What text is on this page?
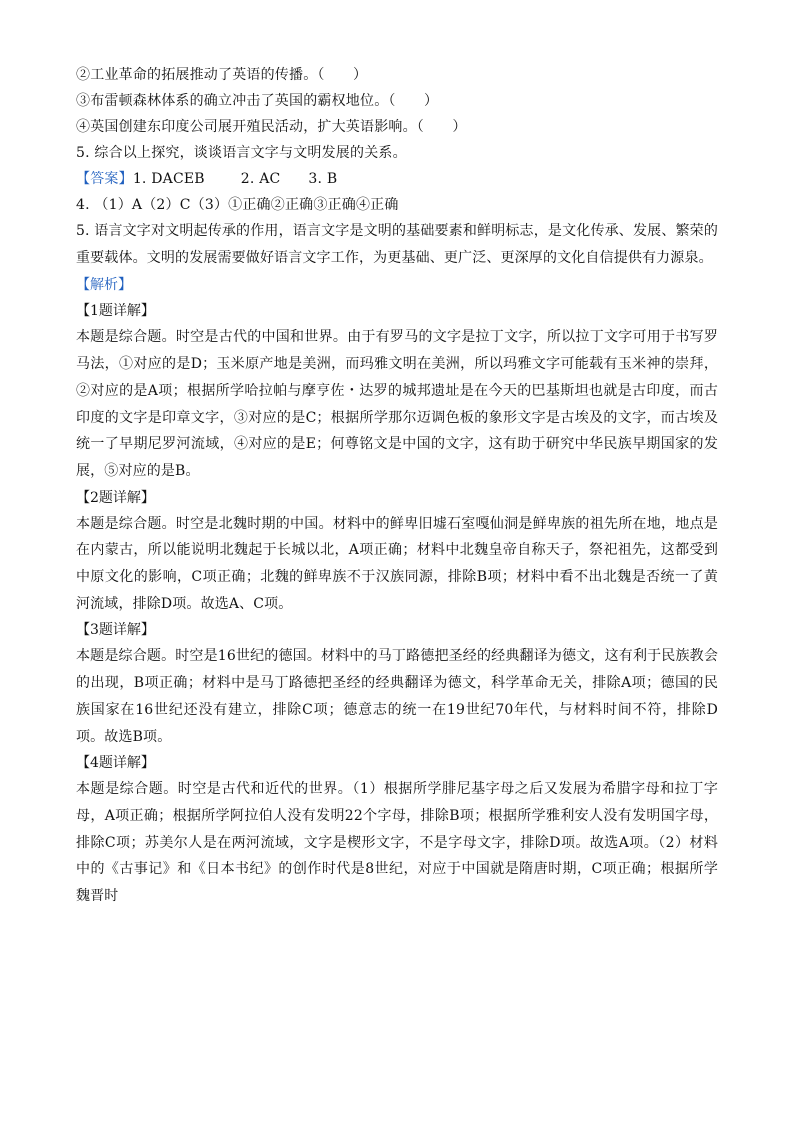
②工业革命的拓展推动了英语的传播。（　　）
③布雷顿森林体系的确立冲击了英国的霸权地位。（　　）
④英国创建东印度公司展开殖民活动，扩大英语影响。（　　）
5. 综合以上探究，谈谈语言文字与文明发展的关系。
【答案】1. DACEB	2. AC 3. B
4. （1）A（2）C（3）①正确②正确③正确④正确
5. 语言文字对文明起传承的作用，语言文字是文明的基础要素和鲜明标志，是文化传承、发展、繁荣的重要载体。文明的发展需要做好语言文字工作，为更基础、更广泛、更深厚的文化自信提供有力源泉。
【解析】
【1题详解】
本题是综合题。时空是古代的中国和世界。由于有罗马的文字是拉丁文字，所以拉丁文字可用于书写罗马法，①对应的是D；玉米原产地是美洲，而玛雅文明在美洲，所以玛雅文字可能载有玉米神的崇拜，②对应的是A项；根据所学哈拉帕与摩亨佐・达罗的城邦遗址是在今天的巴基斯坦也就是古印度，而古印度的文字是印章文字，③对应的是C；根据所学那尔迈调色板的象形文字是古埃及的文字，而古埃及统一了早期尼罗河流域，④对应的是E；何尊铭文是中国的文字，这有助于研究中华民族早期国家的发展，⑤对应的是B。
【2题详解】
本题是综合题。时空是北魏时期的中国。材料中的鲜卑旧墟石室嘎仙洞是鲜卑族的祖先所在地，地点是在内蒙古，所以能说明北魏起于长城以北，A项正确；材料中北魏皇帝自称天子，祭祀祖先，这都受到中原文化的影响，C项正确；北魏的鲜卑族不于汉族同源，排除B项；材料中看不出北魏是否统一了黄河流域，排除D项。故选A、C项。
【3题详解】
本题是综合题。时空是16世纪的德国。材料中的马丁路德把圣经的经典翻译为德文，这有利于民族教会的出现，B项正确；材料中是马丁路德把圣经的经典翻译为德文，科学革命无关，排除A项；德国的民族国家在16世纪还没有建立，排除C项；德意志的统一在19世纪70年代，与材料时间不符，排除D项。故选B项。
【4题详解】
本题是综合题。时空是古代和近代的世界。（1）根据所学腓尼基字母之后又发展为希腊字母和拉丁字母，A项正确；根据所学阿拉伯人没有发明22个字母，排除B项；根据所学雅利安人没有发明国字母，排除C项；苏美尔人是在两河流域，文字是楔形文字，不是字母文字，排除D项。故选A项。（2）材料中的《古事记》和《日本书纪》的创作时代是8世纪，对应于中国就是隋唐时期，C项正确；根据所学魏晋时
